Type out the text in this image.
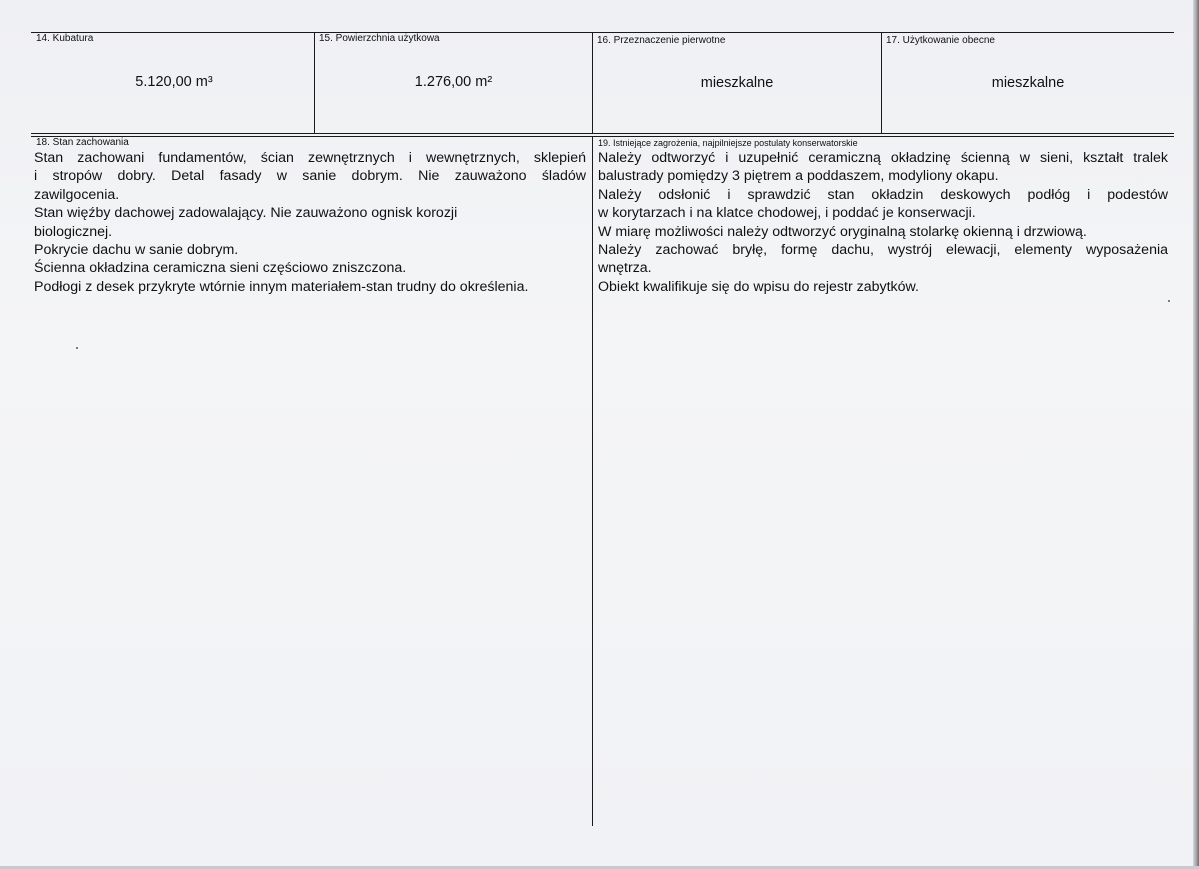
14. Kubatura
5.120,00 m³
15. Powierzchnia użytkowa
1.276,00 m²
16. Przeznaczenie pierwotne
mieszkalne
17. Użytkowanie obecne
mieszkalne
18. Stan zachowania
Stan zachowani fundamentów, ścian zewnętrznych i wewnętrznych, sklepień
i stropów dobry. Detal fasady w sanie dobrym. Nie zauważono śladów
zawilgocenia.
Stan więźby dachowej zadowalający. Nie zauważono ognisk korozji
biologicznej.
Pokrycie dachu w sanie dobrym.
Ścienna okładzina ceramiczna sieni częściowo zniszczona.
Podłogi z desek przykryte wtórnie innym materiałem-stan trudny do określenia.
19. Istniejące zagrożenia, najpilniejsze postulaty konserwatorskie
Należy odtworzyć i uzupełnić ceramiczną okładzinę ścienną w sieni, kształt tralek
balustrady pomiędzy 3 piętrem a poddaszem, modyliony okapu.
Należy odsłonić i sprawdzić stan okładzin deskowych podłóg i podestów
w korytarzach i na klatce chodowej, i poddać je konserwacji.
W miarę możliwości należy odtworzyć oryginalną stolarkę okienną i drzwiową.
Należy zachować bryłę, formę dachu, wystrój elewacji, elementy wyposażenia
wnętrza.
Obiekt kwalifikuje się do wpisu do rejestr zabytków.
